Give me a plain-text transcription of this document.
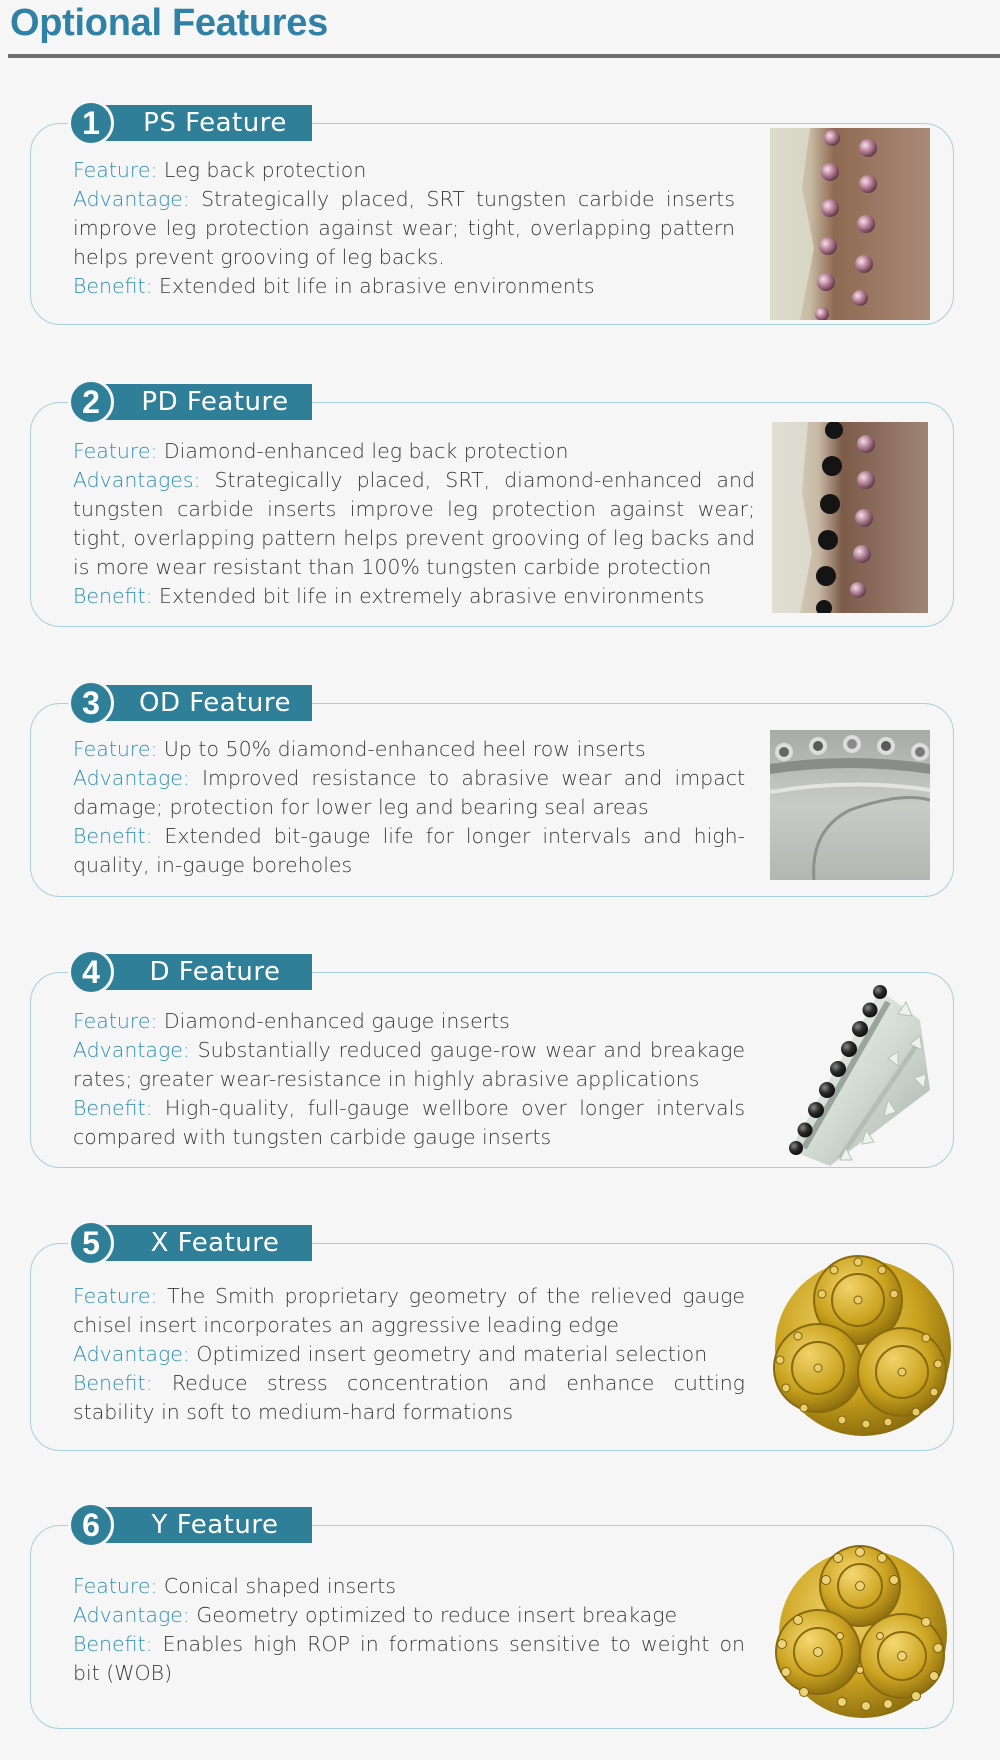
Optional Features
1	PS Feature

Feature: Leg back protection

Advantage: Strategically placed, SRT tungsten carbide inserts improve leg protection against wear; tight, overlapping pattern helps prevent grooving of leg backs.

Benefit: Extended bit life in abrasive environments

2	PD Feature

Feature: Diamond-enhanced leg back protection

Advantages: Strategically placed, SRT, diamond-enhanced and tungsten carbide inserts improve leg protection against wear; tight, overlapping pattern helps prevent grooving of leg backs and is more wear resistant than 100% tungsten carbide protection

Benefit: Extended bit life in extremely abrasive environments

3	OD Feature

Feature: Up to 50% diamond-enhanced heel row inserts

Advantage: Improved resistance to abrasive wear and impact damage; protection for lower leg and bearing seal areas

Benefit: Extended bit-gauge life for longer intervals and high-quality, in-gauge boreholes

4	D Feature

Feature: Diamond-enhanced gauge inserts

Advantage: Substantially reduced gauge-row wear and breakage rates; greater wear-resistance in highly abrasive applications

Benefit: High-quality, full-gauge wellbore over longer intervals compared with tungsten carbide gauge inserts

5	X Feature

Feature: The Smith proprietary geometry of the relieved gauge chisel insert incorporates an aggressive leading edge

Advantage: Optimized insert geometry and material selection

Benefit: Reduce stress concentration and enhance cutting stability in soft to medium-hard formations

6	Y Feature

Feature: Conical shaped inserts

Advantage: Geometry optimized to reduce insert breakage

Benefit: Enables high ROP in formations sensitive to weight on bit (WOB)
